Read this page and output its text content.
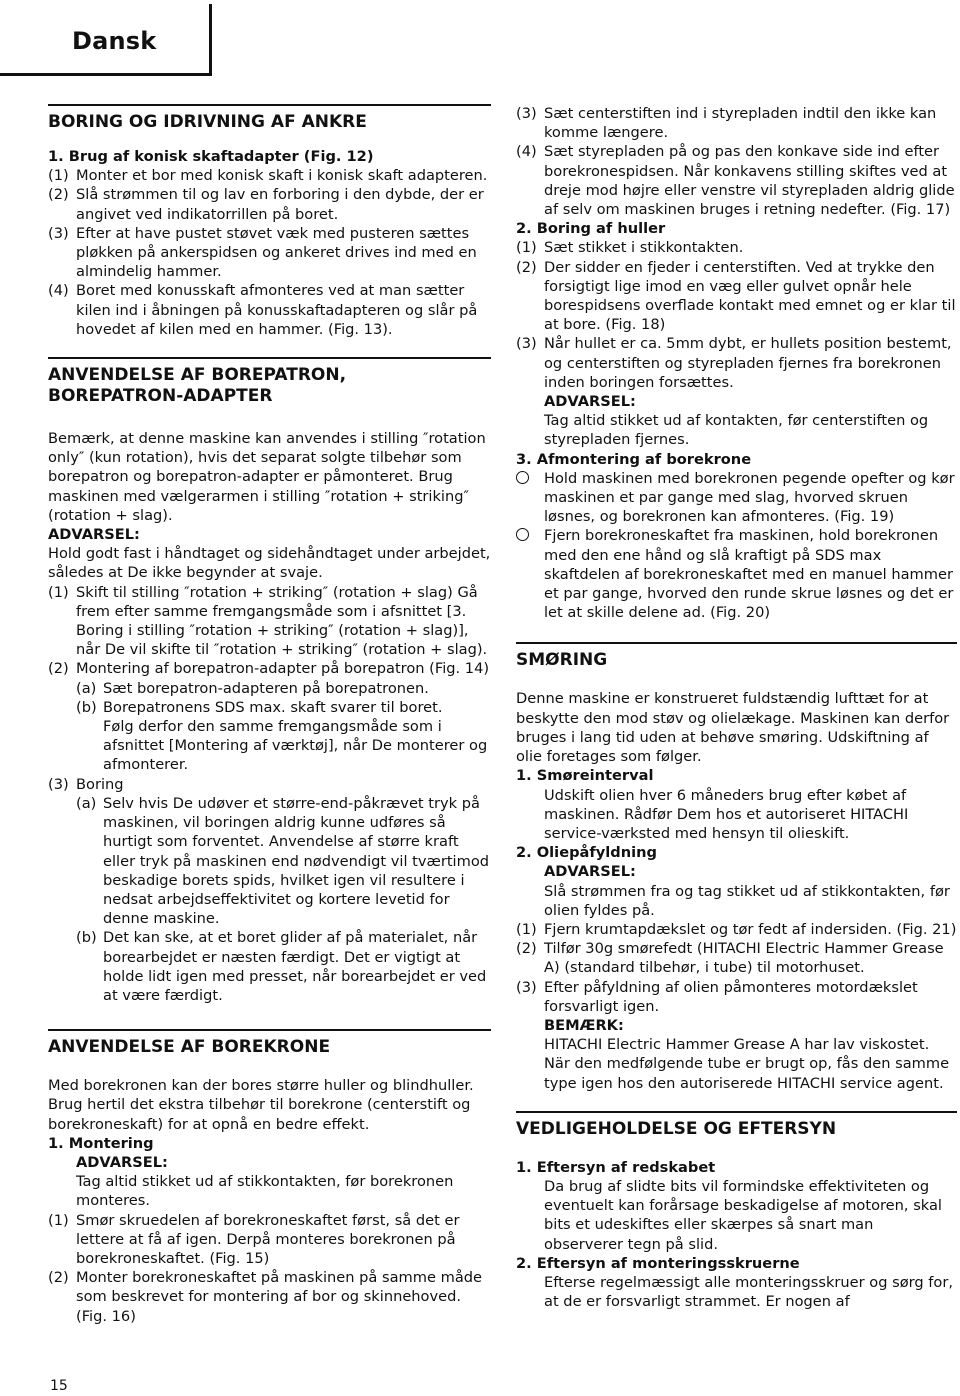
Dansk
BORING OG IDRIVNING AF ANKRE
1. Brug af konisk skaftadapter (Fig. 12)
(1) Monter et bor med konisk skaft i konisk skaft adapteren.
(2) Slå strømmen til og lav en forboring i den dybde, der er angivet ved indikatorrillen på boret.
(3) Efter at have pustet støvet væk med pusteren sættes pløkken på ankerspidsen og ankeret drives ind med en almindelig hammer.
(4) Boret med konusskaft afmonteres ved at man sætter kilen ind i åbningen på konusskaftadapteren og slår på hovedet af kilen med en hammer. (Fig. 13).
ANVENDELSE AF BOREPATRON,
BOREPATRON-ADAPTER
Bemærk, at denne maskine kan anvendes i stilling ″rotation only″ (kun rotation), hvis det separat solgte tilbehør som borepatron og borepatron-adapter er påmonteret. Brug maskinen med vælgerarmen i stilling ″rotation + striking″ (rotation + slag).
ADVARSEL:
Hold godt fast i håndtaget og sidehåndtaget under arbejdet, således at De ikke begynder at svaje.
(1) Skift til stilling ″rotation + striking″ (rotation + slag) Gå frem efter samme fremgangsmåde som i afsnittet [3. Boring i stilling ″rotation + striking″ (rotation + slag)], når De vil skifte til ″rotation + striking″ (rotation + slag).
(2) Montering af borepatron-adapter på borepatron (Fig. 14)
(a) Sæt borepatron-adapteren på borepatronen.
(b) Borepatronens SDS max. skaft svarer til boret.
Følg derfor den samme fremgangsmåde som i afsnittet [Montering af værktøj], når De monterer og afmonterer.
(3) Boring
(a) Selv hvis De udøver et større-end-påkrævet tryk på maskinen, vil boringen aldrig kunne udføres så hurtigt som forventet. Anvendelse af større kraft eller tryk på maskinen end nødvendigt vil tværtimod beskadige borets spids, hvilket igen vil resultere i nedsat arbejdseffektivitet og kortere levetid for denne maskine.
(b) Det kan ske, at et boret glider af på materialet, når borearbejdet er næsten færdigt. Det er vigtigt at holde lidt igen med presset, når borearbejdet er ved at være færdigt.
ANVENDELSE AF BOREKRONE
Med borekronen kan der bores større huller og blindhuller. Brug hertil det ekstra tilbehør til borekrone (centerstift og borekroneskaft) for at opnå en bedre effekt.
1. Montering
ADVARSEL:
Tag altid stikket ud af stikkontakten, før borekronen monteres.
(1) Smør skruedelen af borekroneskaftet først, så det er lettere at få af igen. Derpå monteres borekronen på borekroneskaftet. (Fig. 15)
(2) Monter borekroneskaftet på maskinen på samme måde som beskrevet for montering af bor og skinnehoved. (Fig. 16)
(3) Sæt centerstiften ind i styrepladen indtil den ikke kan komme længere.
(4) Sæt styrepladen på og pas den konkave side ind efter borekronespidsen. Når konkavens stilling skiftes ved at dreje mod højre eller venstre vil styrepladen aldrig glide af selv om maskinen bruges i retning nedefter. (Fig. 17)
2. Boring af huller
(1) Sæt stikket i stikkontakten.
(2) Der sidder en fjeder i centerstiften. Ved at trykke den forsigtigt lige imod en væg eller gulvet opnår hele borespidsens overflade kontakt med emnet og er klar til at bore. (Fig. 18)
(3) Når hullet er ca. 5mm dybt, er hullets position bestemt, og centerstiften og styrepladen fjernes fra borekronen inden boringen forsættes.
ADVARSEL:
Tag altid stikket ud af kontakten, før centerstiften og styrepladen fjernes.
3. Afmontering af borekrone
Hold maskinen med borekronen pegende opefter og kør maskinen et par gange med slag, hvorved skruen løsnes, og borekronen kan afmonteres. (Fig. 19)
Fjern borekroneskaftet fra maskinen, hold borekronen med den ene hånd og slå kraftigt på SDS max skaftdelen af borekroneskaftet med en manuel hammer et par gange, hvorved den runde skrue løsnes og det er let at skille delene ad. (Fig. 20)
SMØRING
Denne maskine er konstrueret fuldstændig lufttæt for at beskytte den mod støv og olielækage. Maskinen kan derfor bruges i lang tid uden at behøve smøring. Udskiftning af olie foretages som følger.
1. Smøreinterval
Udskift olien hver 6 måneders brug efter købet af maskinen. Rådfør Dem hos et autoriseret HITACHI service-værksted med hensyn til olieskift.
2. Oliepåfyldning
ADVARSEL:
Slå strømmen fra og tag stikket ud af stikkontakten, før olien fyldes på.
(1) Fjern krumtapdækslet og tør fedt af indersiden. (Fig. 21)
(2) Tilfør 30g smørefedt (HITACHI Electric Hammer Grease A) (standard tilbehør, i tube) til motorhuset.
(3) Efter påfyldning af olien påmonteres motordækslet forsvarligt igen.
BEMÆRK:
HITACHI Electric Hammer Grease A har lav viskostet. När den medfølgende tube er brugt op, fås den samme type igen hos den autoriserede HITACHI service agent.
VEDLIGEHOLDELSE OG EFTERSYN
1. Eftersyn af redskabet
Da brug af slidte bits vil formindske effektiviteten og eventuelt kan forårsage beskadigelse af motoren, skal bits et udeskiftes eller skærpes så snart man observerer tegn på slid.
2. Eftersyn af monteringsskruerne
Efterse regelmæssigt alle monteringsskruer og sørg for, at de er forsvarligt strammet. Er nogen af
15
